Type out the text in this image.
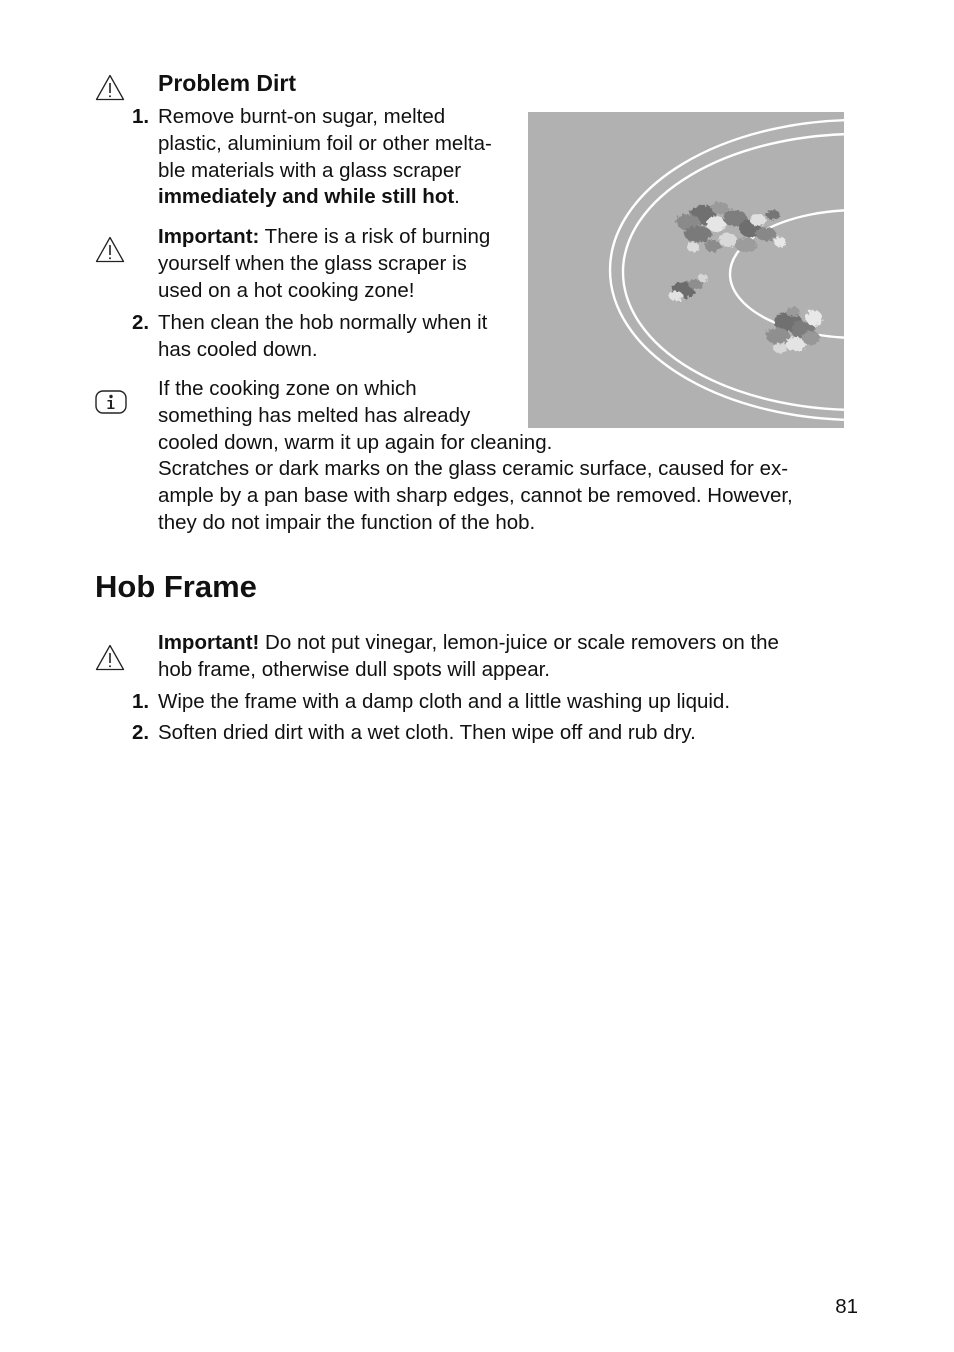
Problem Dirt
1. Remove burnt-on sugar, melted
plastic, aluminium foil or other melta-
ble materials with a glass scraper
immediately and while still hot.
Important: There is a risk of burning
yourself when the glass scraper is
used on a hot cooking zone!
2. Then clean the hob normally when it
has cooled down.
If the cooking zone on which
something has melted has already
cooled down, warm it up again for cleaning.
Scratches or dark marks on the glass ceramic surface, caused for ex-
ample by a pan base with sharp edges, cannot be removed. However,
they do not impair the function of the hob.
Hob Frame
Important! Do not put vinegar, lemon-juice or scale removers on the
hob frame, otherwise dull spots will appear.
1. Wipe the frame with a damp cloth and a little washing up liquid.
2. Soften dried dirt with a wet cloth. Then wipe off and rub dry.
81
